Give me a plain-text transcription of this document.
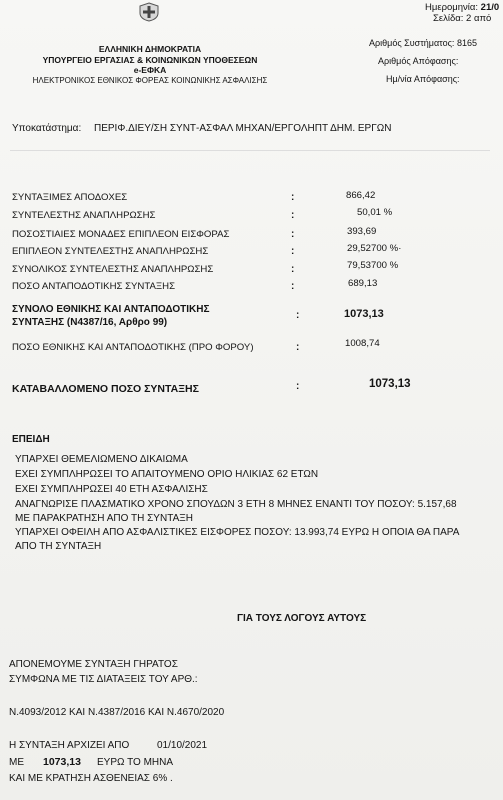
Ημερομηνία: 21/0
Σελίδα: 2 από
ΕΛΛΗΝΙΚΗ ΔΗΜΟΚΡΑΤΙΑ
ΥΠΟΥΡΓΕΙΟ ΕΡΓΑΣΙΑΣ & ΚΟΙΝΩΝΙΚΩΝ ΥΠΟΘΕΣΕΩΝ
e-ΕΦΚΑ
ΗΛΕΚΤΡΟΝΙΚΟΣ ΕΘΝΙΚΟΣ ΦΟΡΕΑΣ ΚΟΙΝΩΝΙΚΗΣ ΑΣΦΑΛΙΣΗΣ
Αριθμός Συστήματος: 8165
Αριθμός Απόφασης:
Ημ/νία Απόφασης:
Υποκατάστημα: ΠΕΡΙΦ.ΔΙΕΥ/ΣΗ ΣΥΝΤ-ΑΣΦΑΛ ΜΗΧΑΝ/ΕΡΓΟΛΗΠΤ ΔΗΜ. ΕΡΓΩΝ
ΣΥΝΤΑΞΙΜΕΣ ΑΠΟΔΟΧΕΣ	:	866,42
ΣΥΝΤΕΛΕΣΤΗΣ ΑΝΑΠΛΗΡΩΣΗΣ	:	50,01 %
ΠΟΣΟΣΤΙΑΙΕΣ ΜΟΝΑΔΕΣ ΕΠΙΠΛΕΟΝ ΕΙΣΦΟΡΑΣ	:	393,69
ΕΠΙΠΛΕΟΝ ΣΥΝΤΕΛΕΣΤΗΣ ΑΝΑΠΛΗΡΩΣΗΣ	:	29,52700 %·
ΣΥΝΟΛΙΚΟΣ ΣΥΝΤΕΛΕΣΤΗΣ ΑΝΑΠΛΗΡΩΣΗΣ	:	79,53700 %
ΠΟΣΟ ΑΝΤΑΠΟΔΟΤΙΚΗΣ ΣΥΝΤΑΞΗΣ	:	689,13
ΣΥΝΟΛΟ ΕΘΝΙΚΗΣ ΚΑΙ ΑΝΤΑΠΟΔΟΤΙΚΗΣ
ΣΥΝΤΑΞΗΣ (Ν4387/16, Αρθρο 99)
:	1073,13
ΠΟΣΟ ΕΘΝΙΚΗΣ ΚΑΙ ΑΝΤΑΠΟΔΟΤΙΚΗΣ (ΠΡΟ ΦΟΡΟΥ)	:	1008,74
ΚΑΤΑΒΑΛΛΟΜΕΝΟ ΠΟΣΟ ΣΥΝΤΑΞΗΣ	:	1073,13
ΕΠΕΙΔΗ
ΥΠΑΡΧΕΙ ΘΕΜΕΛΙΩΜΕΝΟ ΔΙΚΑΙΩΜΑ
ΕΧΕΙ ΣΥΜΠΛΗΡΩΣΕΙ ΤΟ ΑΠΑΙΤΟΥΜΕΝΟ ΟΡΙΟ ΗΛΙΚΙΑΣ 62 ΕΤΩΝ
ΕΧΕΙ ΣΥΜΠΛΗΡΩΣΕΙ 40 ΕΤΗ ΑΣΦΑΛΙΣΗΣ
ΑΝΑΓΝΩΡΙΣΕ ΠΛΑΣΜΑΤΙΚΟ ΧΡΟΝΟ ΣΠΟΥΔΩΝ 3 ΕΤΗ 8 ΜΗΝΕΣ ΕΝΑΝΤΙ ΤΟΥ ΠΟΣΟΥ: 5.157,68
ΜΕ ΠΑΡΑΚΡΑΤΗΣΗ ΑΠΟ ΤΗ ΣΥΝΤΑΞΗ
ΥΠΑΡΧΕΙ ΟΦΕΙΛΗ ΑΠΟ ΑΣΦΑΛΙΣΤΙΚΕΣ ΕΙΣΦΟΡΕΣ ΠΟΣΟΥ: 13.993,74 ΕΥΡΩ Η ΟΠΟΙΑ ΘΑ ΠΑΡΑ
ΑΠΟ ΤΗ ΣΥΝΤΑΞΗ
ΓΙΑ ΤΟΥΣ ΛΟΓΟΥΣ ΑΥΤΟΥΣ
ΑΠΟΝΕΜΟΥΜΕ ΣΥΝΤΑΞΗ ΓΗΡΑΤΟΣ
ΣΥΜΦΩΝΑ ΜΕ ΤΙΣ ΔΙΑΤΑΞΕΙΣ ΤΟΥ ΑΡΘ.:
Ν.4093/2012 ΚΑΙ Ν.4387/2016 ΚΑΙ Ν.4670/2020
Η ΣΥΝΤΑΞΗ ΑΡΧΙΖΕΙ ΑΠΟ	01/10/2021
ΜΕ 1073,13 ΕΥΡΩ ΤΟ ΜΗΝΑ
ΚΑΙ ΜΕ ΚΡΑΤΗΣΗ ΑΣΘΕΝΕΙΑΣ 6% .
